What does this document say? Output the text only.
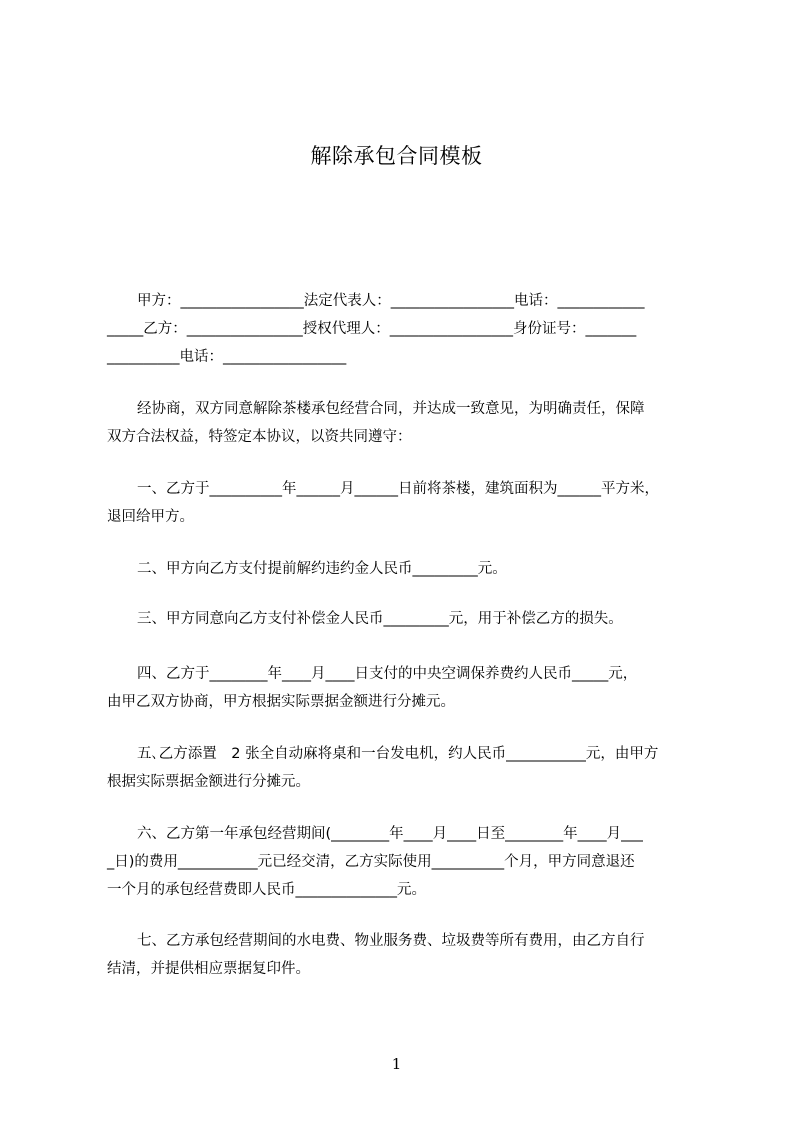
解除承包合同模板
甲方：_________________法定代表人：_________________电话：____________
_____乙方：________________授权代理人：_________________身份证号：_______
__________电话：_________________
经协商，双方同意解除茶楼承包经营合同，并达成一致意见，为明确责任，保障
双方合法权益，特签定本协议，以资共同遵守：
一、乙方于__________年______月______日前将茶楼，建筑面积为______平方米，
退回给甲方。
二、甲方向乙方支付提前解约违约金人民币_________元。
三、甲方同意向乙方支付补偿金人民币_________元，用于补偿乙方的损失。
四、乙方于________年____月____日支付的中央空调保养费约人民币_____元，
由甲乙双方协商，甲方根据实际票据金额进行分摊元。
五､乙方添置　2 张全自动麻将桌和一台发电机，约人民币___________元，由甲方
根据实际票据金额进行分摊元。
六、乙方第一年承包经营期间(________年____月____日至________年____月___
_日)的费用___________元已经交清，乙方实际使用__________个月，甲方同意退还
一个月的承包经营费即人民币______________元。
七、乙方承包经营期间的水电费、物业服务费、垃圾费等所有费用，由乙方自行
结清，并提供相应票据复印件。
1
